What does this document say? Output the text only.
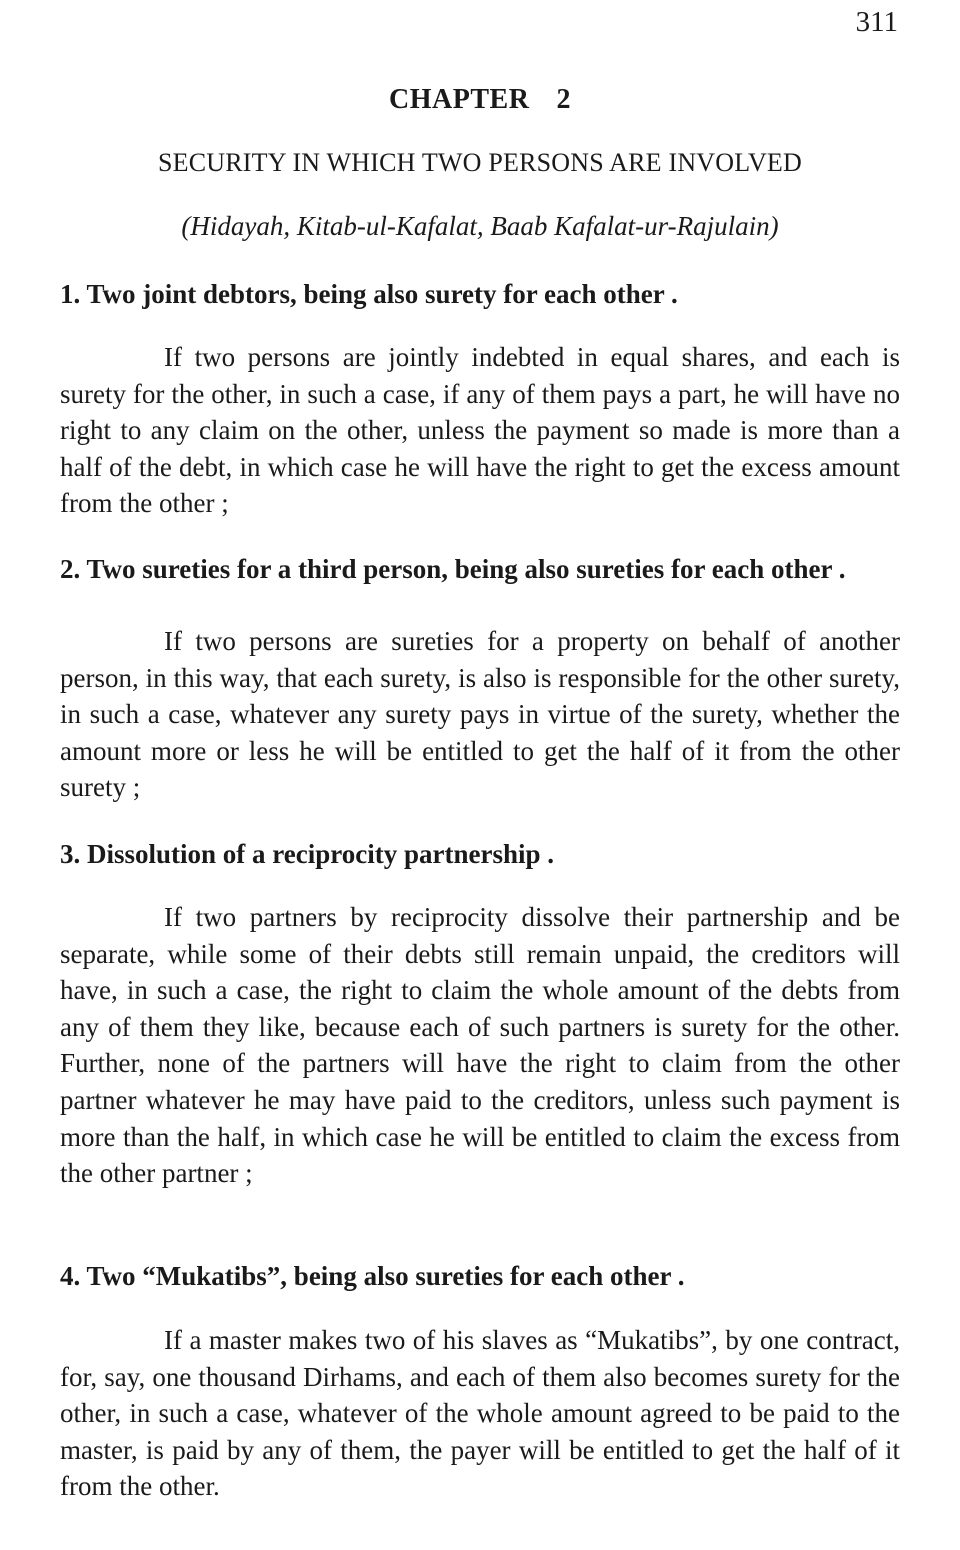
311
CHAPTER  2
SECURITY IN WHICH TWO PERSONS ARE INVOLVED
(Hidayah, Kitab-ul-Kafalat, Baab Kafalat-ur-Rajulain)
1. Two joint debtors, being also surety for each other .
If two persons are jointly indebted in equal shares, and each is surety for the other, in such a case, if any of them pays a part, he will have no right to any claim on the other, unless the payment so made is more than a half of the debt, in which case he will have the right to get the excess amount from the other ;
2. Two sureties for a third person, being also sureties for each other .
If two persons are sureties for a property on behalf of another person, in this way, that each surety, is also is responsible for the other surety, in such a case, whatever any surety pays in virtue of the surety, whether the amount more or less he will be entitled to get the half of it from the other surety ;
3. Dissolution of a reciprocity partnership .
If two partners by reciprocity dissolve their partnership and be separate, while some of their debts still remain unpaid, the creditors will have, in such a case, the right to claim the whole amount of the debts from any of them they like, because each of such partners is surety for the other. Further, none of the partners will have the right to claim from the other partner whatever he may have paid to the creditors, unless such payment is more than the half, in which case he will be entitled to claim the excess from the other partner ;
4. Two “Mukatibs”, being also sureties for each other .
If a master makes two of his slaves as “Mukatibs”, by one contract, for, say, one thousand Dirhams, and each of them also becomes surety for the other, in such a case, whatever of the whole amount agreed to be paid to the master, is paid by any of them, the payer will be entitled to get the half of it from the other.
